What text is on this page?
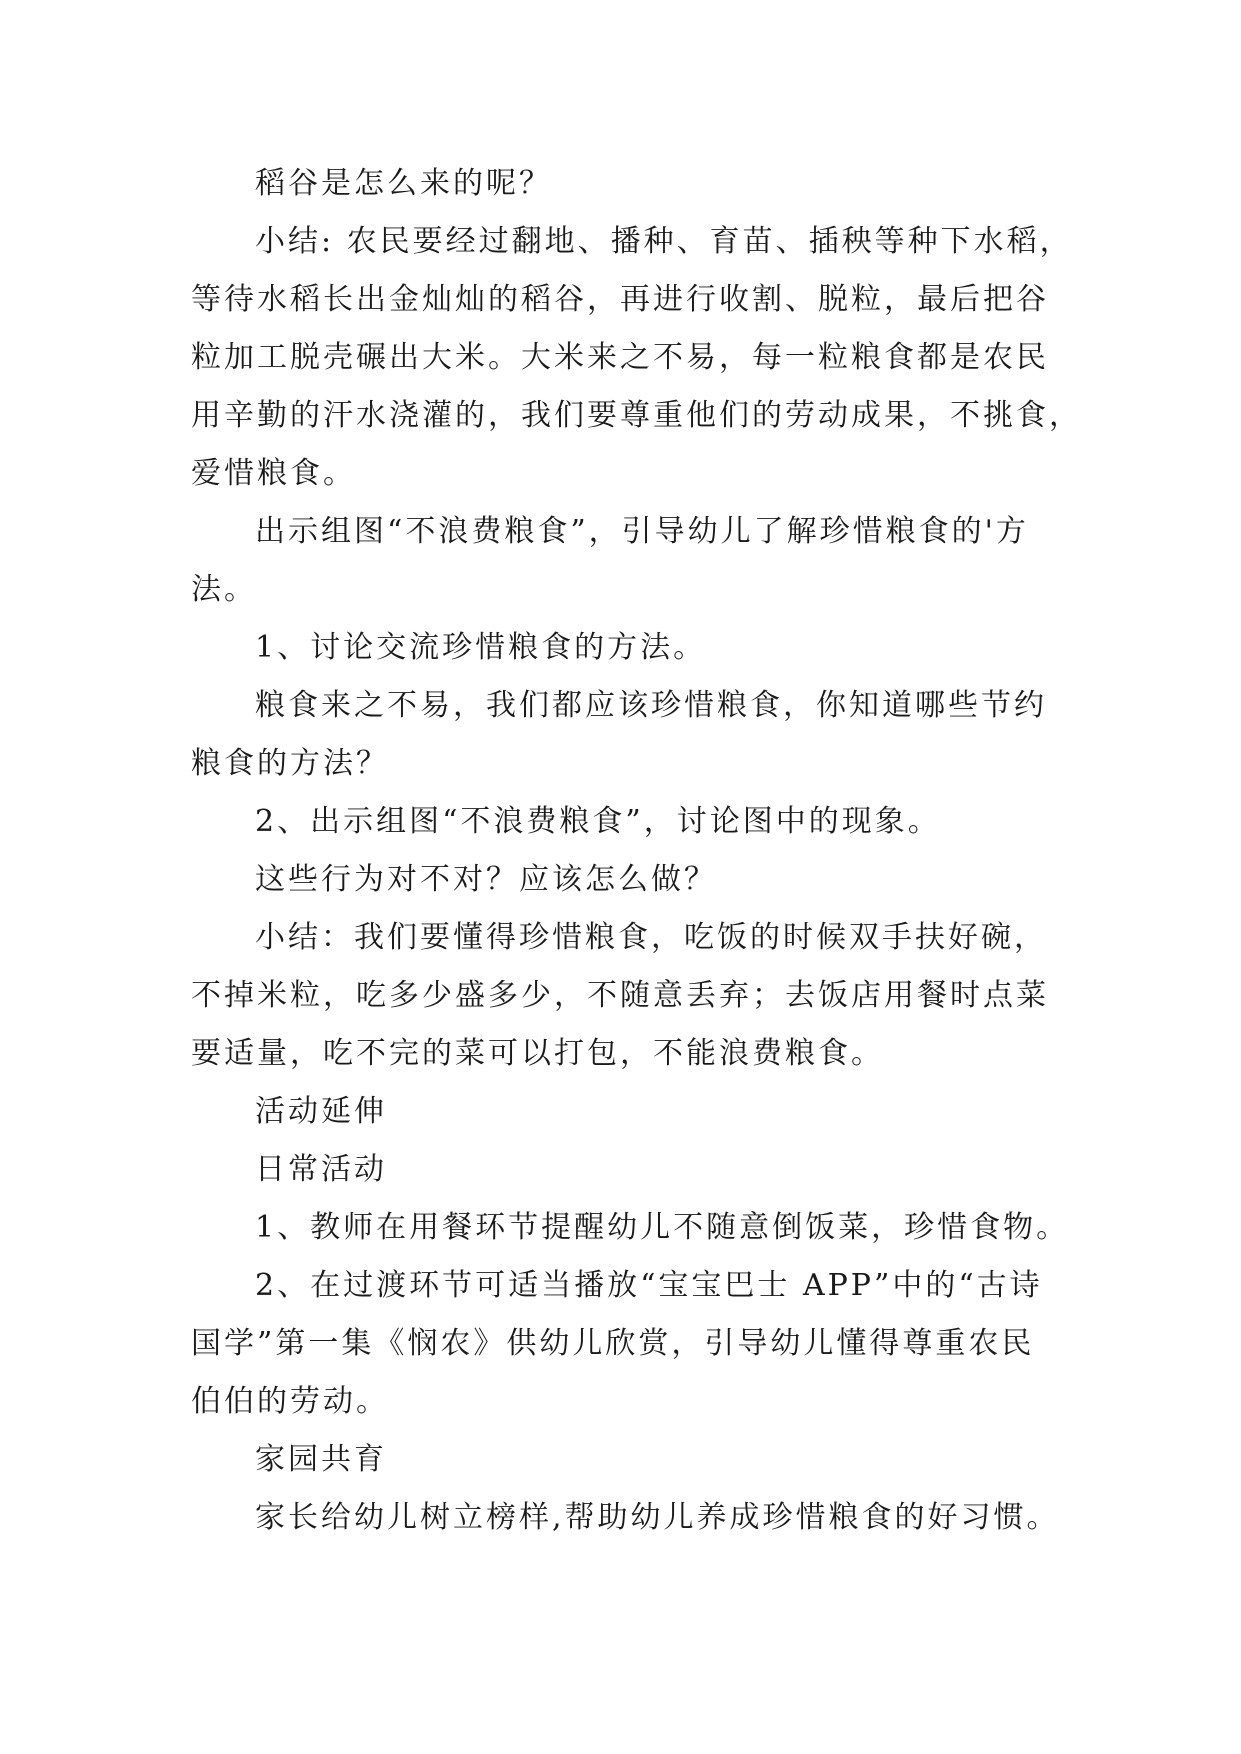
稻谷是怎么来的呢？

小结: 农民要经过翻地、播种、育苗、插秧等种下水稻，
等待水稻长出金灿灿的稻谷，再进行收割、脱粒，最后把谷
粒加工脱壳碾出大米。大米来之不易，每一粒粮食都是农民
用辛勤的汗水浇灌的，我们要尊重他们的劳动成果，不挑食，
爱惜粮食。

出示组图“不浪费粮食”，引导幼儿了解珍惜粮食的'方
法。

1、讨论交流珍惜粮食的方法。

粮食来之不易，我们都应该珍惜粮食，你知道哪些节约
粮食的方法？

2、出示组图“不浪费粮食”，讨论图中的现象。

这些行为对不对？应该怎么做？

小结：我们要懂得珍惜粮食，吃饭的时候双手扶好碗，
不掉米粒，吃多少盛多少，不随意丢弃；去饭店用餐时点菜
要适量，吃不完的菜可以打包，不能浪费粮食。

活动延伸

日常活动

1、教师在用餐环节提醒幼儿不随意倒饭菜，珍惜食物。

2、在过渡环节可适当播放“宝宝巴士 APP”中的“古诗
国学”第一集《悯农》供幼儿欣赏，引导幼儿懂得尊重农民
伯伯的劳动。

家园共育

家长给幼儿树立榜样,帮助幼儿养成珍惜粮食的好习惯。
